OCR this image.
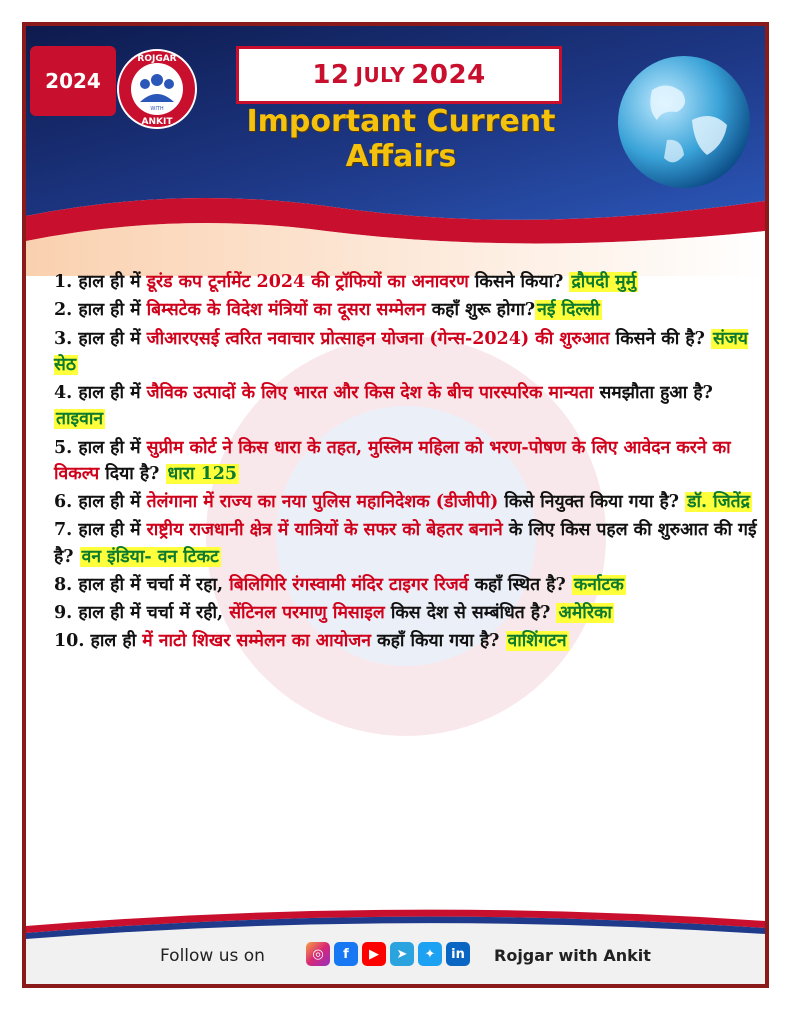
2024
ROJGAR
ANKIT
WITH
12 JULY 2024
Important Current Affairs
1. हाल ही में डूरंड कप टूर्नामेंट 2024 की ट्रॉफियों का अनावरण किसने किया? द्रौपदी मुर्मु
2. हाल ही में बिम्सटेक के विदेश मंत्रियों का दूसरा सम्मेलन कहाँ शुरू होगा? नई दिल्ली
3. हाल ही में जीआरएसई त्वरित नवाचार प्रोत्साहन योजना (गेन्स-2024) की शुरुआत किसने की है? संजय सेठ
4. हाल ही में जैविक उत्पादों के लिए भारत और किस देश के बीच पारस्परिक मान्यता समझौता हुआ है? ताइवान
5. हाल ही में सुप्रीम कोर्ट ने किस धारा के तहत, मुस्लिम महिला को भरण-पोषण के लिए आवेदन करने का विकल्प दिया है? धारा 125
6. हाल ही में तेलंगाना में राज्य का नया पुलिस महानिदेशक (डीजीपी) किसे नियुक्त किया गया है? डॉ. जितेंद्र
7. हाल ही में राष्ट्रीय राजधानी क्षेत्र में यात्रियों के सफर को बेहतर बनाने के लिए किस पहल की शुरुआत की गई है? वन इंडिया- वन टिकट
8. हाल ही में चर्चा में रहा, बिलिगिरि रंगस्वामी मंदिर टाइगर रिजर्व कहाँ स्थित है? कर्नाटक
9. हाल ही में चर्चा में रही, सेंटिनल परमाणु मिसाइल किस देश से सम्बंधित है? अमेरिका
10. हाल ही में नाटो शिखर सम्मेलन का आयोजन कहाँ किया गया है? वाशिंगटन
Follow us on	◎	f	▶	➤	✦	in	Rojgar with Ankit
